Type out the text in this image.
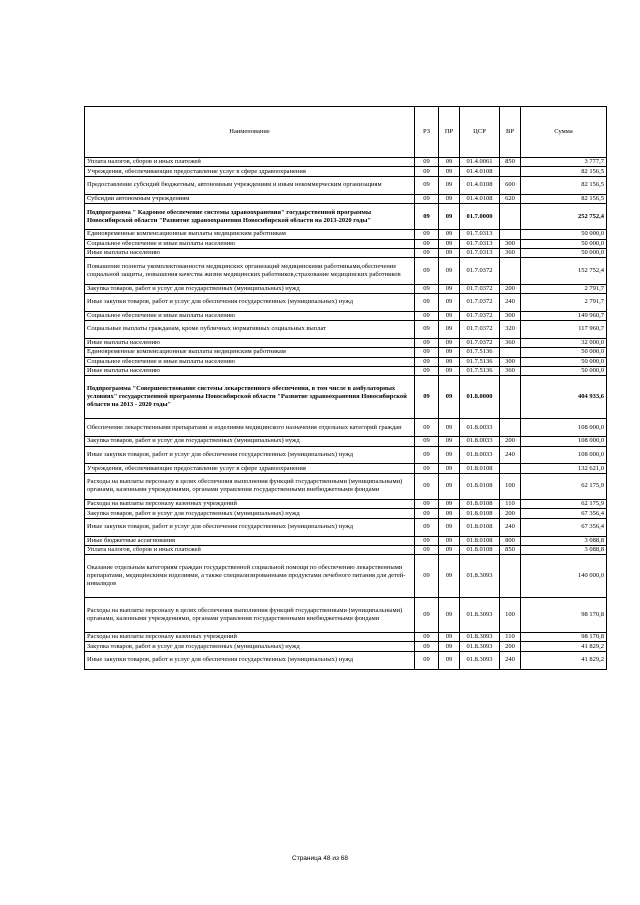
Наименование	РЗ	ПР	ЦСР	ВР	Сумма
Уплата налогов, сборов и иных платежей	09	09	01.4.0061	850	3 777,7
Учреждения, обеспечивающие предоставление услуг в сфере здравоохранения	09	09	01.4.0108		82 156,5
Предоставление субсидий бюджетным, автономным учреждениям и иным некоммерческим организациям	09	09	01.4.0108	600	82 156,5
Субсидии автономным учреждениям	09	09	01.4.0108	620	82 156,5
Подпрограмма " Кадровое обеспечение системы здравоохранения" государственной программы Новосибирской области "Развитие здравоохранения Новосибирской области на 2013-2020 годы"	09	09	01.7.0000		252 752,4
Единовременные компенсационные выплаты медицинским работникам	09	09	01.7.0313		50 000,0
Социальное обеспечение и иные выплаты населению	09	09	01.7.0313	300	50 000,0
Иные выплаты населению	09	09	01.7.0313	360	50 000,0
Повышение полноты укомплектованности медицинских организаций медицинскими работниками,обеспечение социальной защиты, повышения качества жизни медицинских работников,страхование медицинских работников	09	09	01.7.0372		152 752,4
Закупка товаров, работ и услуг для государственных (муниципальных) нужд	09	09	01.7.0372	200	2 791,7
Иные закупки товаров, работ и услуг для обеспечения государственных (муниципальных) нужд	09	09	01.7.0372	240	2 791,7
Социальное обеспечение и иные выплаты населению	09	09	01.7.0372	300	149 960,7
Социальные выплаты гражданам, кроме публичных нормативных социальных выплат	09	09	01.7.0372	320	117 960,7
Иные выплаты населению	09	09	01.7.0372	360	32 000,0
Единовременные компенсационные выплаты медицинским работникам	09	09	01.7.5136		50 000,0
Социальное обеспечение и иные выплаты населению	09	09	01.7.5136	300	50 000,0
Иные выплаты населению	09	09	01.7.5136	360	50 000,0
Подпрограмма "Совершенствование системы лекарственного обеспечения, в том числе в амбулаторных условиях" государственной программы Новосибирской области "Развитие здравоохранения Новосибирской области на 2013 - 2020 годы"	09	09	01.8.0000		404 933,6
Обеспечение лекарственными препаратами и изделиями медицинского назначения отдельных категорий граждан	09	09	01.8.0033		108 000,0
Закупка товаров, работ и услуг для государственных (муниципальных) нужд	09	09	01.8.0033	200	108 000,0
Иные закупки товаров, работ и услуг для обеспечения государственных (муниципальных) нужд	09	09	01.8.0033	240	108 000,0
Учреждения, обеспечивающие предоставление услуг в сфере здравоохранения	09	09	01.8.0108		132 621,0
Расходы на выплаты персоналу в целях обеспечения выполнения функций государственными (муниципальными) органами, казенными учреждениями, органами управления государственными внебюджетными фондами	09	09	01.8.0108	100	62 175,9
Расходы на выплаты персоналу казенных учреждений	09	09	01.8.0108	110	62 175,9
Закупка товаров, работ и услуг для государственных (муниципальных) нужд	09	09	01.8.0108	200	67 356,4
Иные закупки товаров, работ и услуг для обеспечения государственных (муниципальных) нужд	09	09	01.8.0108	240	67 356,4
Иные бюджетные ассигнования	09	09	01.8.0108	800	3 088,8
Уплата налогов, сборов и иных платежей	09	09	01.8.0108	850	3 088,8
Оказание отдельным категориям граждан государственной социальной помощи по обеспечению лекарственными препаратами, медицинскими изделиями, а также специализированными продуктами лечебного питания для детей-инвалидов	09	09	01.8.3093		140 000,0
Расходы на выплаты персоналу в целях обеспечения выполнения функций государственными (муниципальными) органами, казенными учреждениями, органами управления государственными внебюджетными фондами	09	09	01.8.3093	100	98 170,8
Расходы на выплаты персоналу казенных учреждений	09	09	01.8.3093	110	98 170,8
Закупка товаров, работ и услуг для государственных (муниципальных) нужд	09	09	01.8.3093	200	41 829,2
Иные закупки товаров, работ и услуг для обеспечения государственных (муниципальных) нужд	09	09	01.8.3093	240	41 829,2
Страница 48 из 68
